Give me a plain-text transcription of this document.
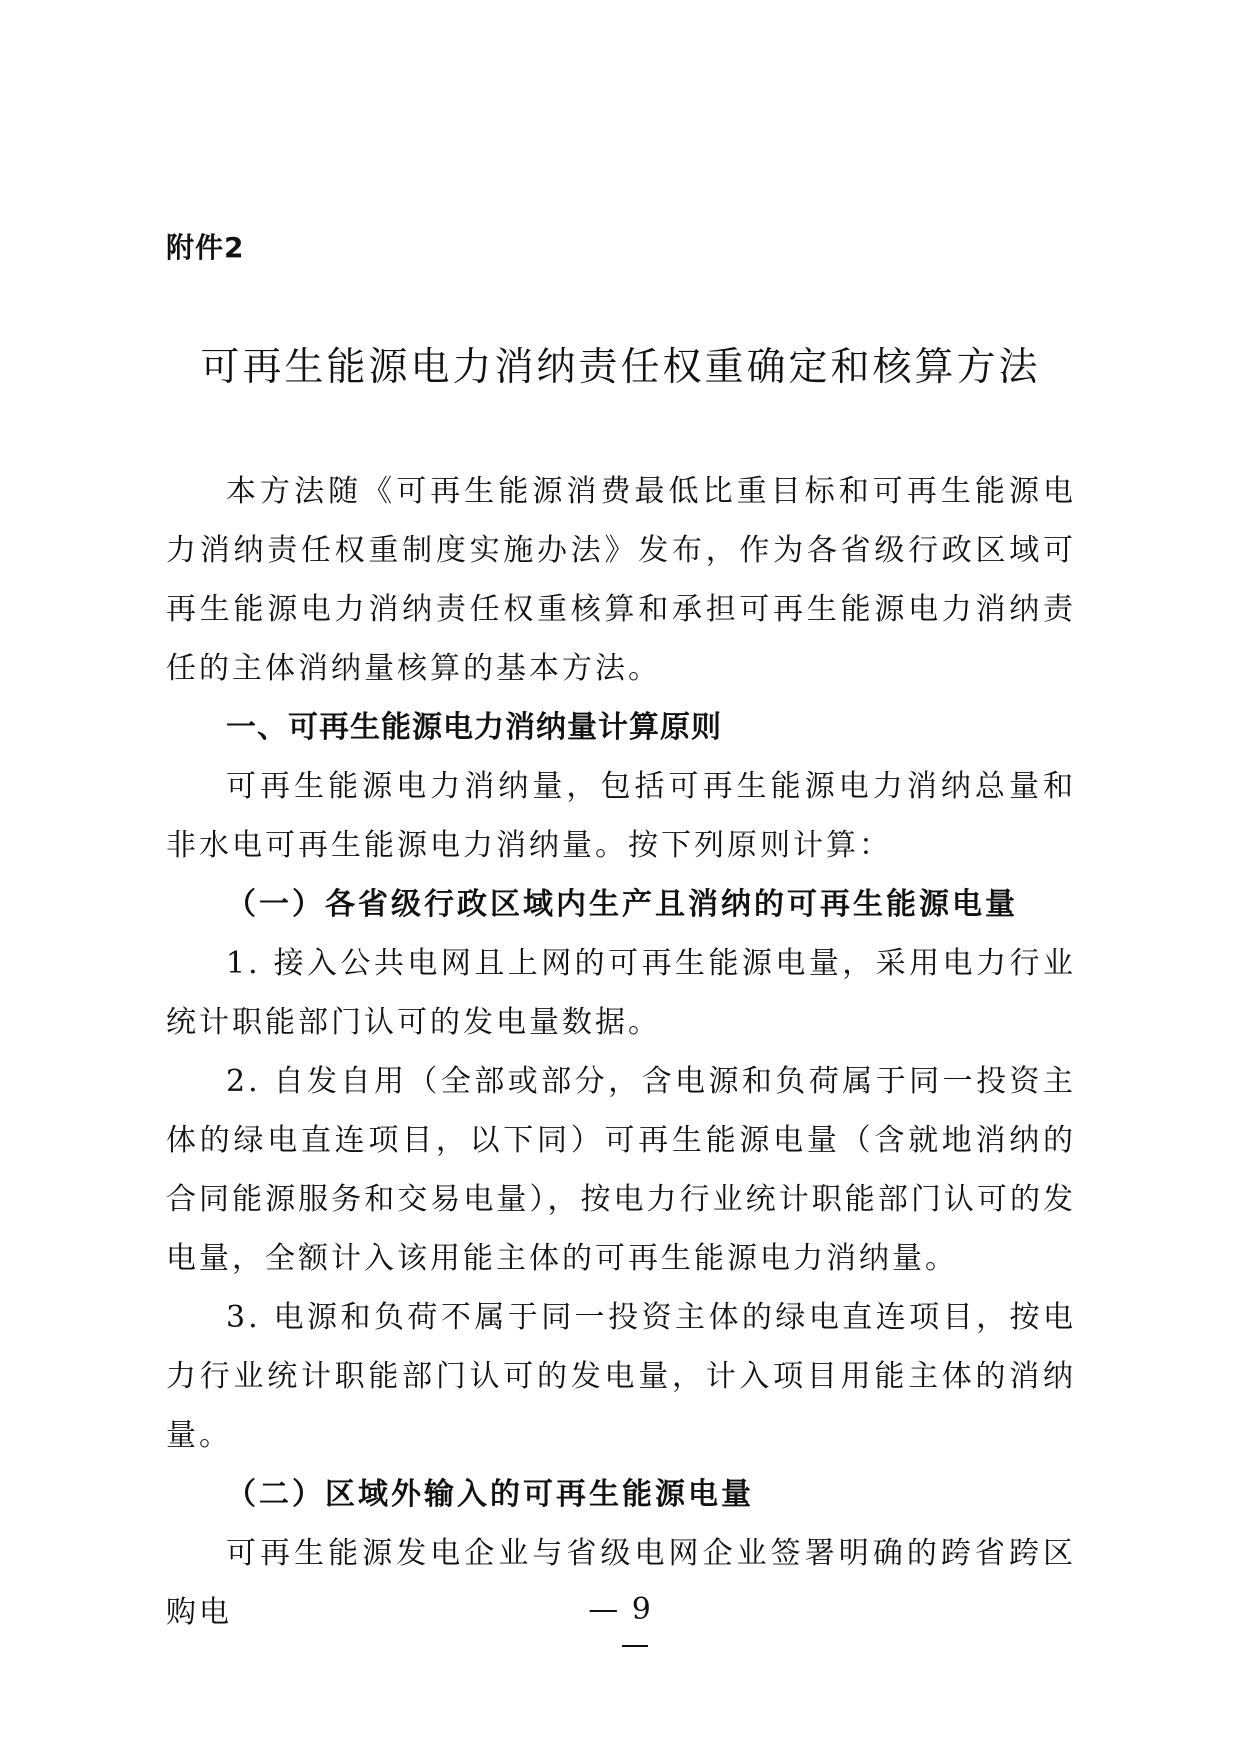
附件2
可再生能源电力消纳责任权重确定和核算方法

本方法随《可再生能源消费最低比重目标和可再生能源电力消纳责任权重制度实施办法》发布，作为各省级行政区域可再生能源电力消纳责任权重核算和承担可再生能源电力消纳责任的主体消纳量核算的基本方法。

一、可再生能源电力消纳量计算原则

可再生能源电力消纳量，包括可再生能源电力消纳总量和非水电可再生能源电力消纳量。按下列原则计算：

（一）各省级行政区域内生产且消纳的可再生能源电量

1. 接入公共电网且上网的可再生能源电量，采用电力行业统计职能部门认可的发电量数据。

2. 自发自用（全部或部分，含电源和负荷属于同一投资主体的绿电直连项目，以下同）可再生能源电量（含就地消纳的合同能源服务和交易电量），按电力行业统计职能部门认可的发电量，全额计入该用能主体的可再生能源电力消纳量。

3. 电源和负荷不属于同一投资主体的绿电直连项目，按电力行业统计职能部门认可的发电量，计入项目用能主体的消纳量。

（二）区域外输入的可再生能源电量

可再生能源发电企业与省级电网企业签署明确的跨省跨区购电	— 9
